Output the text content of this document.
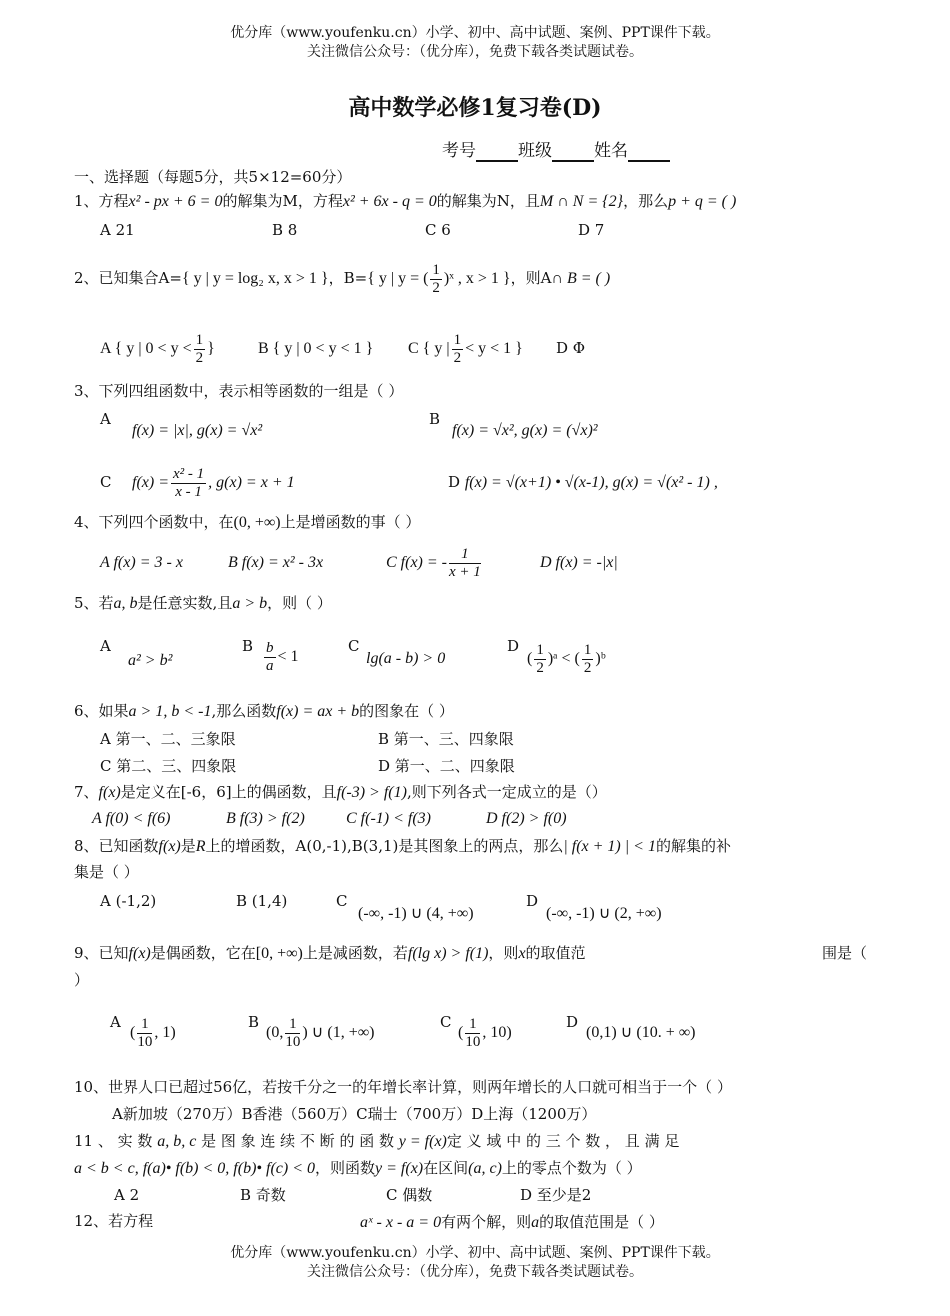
优分库（www.youfenku.cn）小学、初中、高中试题、案例、PPT课件下载。
关注微信公众号：（优分库），免费下载各类试题试卷。
高中数学必修1复习卷(D)
考号 班级 姓名
一、选择题（每题5分，共5×12=60分）
1、方程x² - px + 6 = 0的解集为M，方程x² + 6x - q = 0的解集为N，且M ∩ N = {2}，那么p + q = ( )
A 21	B 8	C 6	D 7
2、已知集合A={ y | y = log₂ x, x > 1 }，B={ y | y = ( $\frac{1}{2}$ )ˣ , x > 1 }，则A∩ B = ( )
A { y | $0 < y < \frac{1}{2}$ }	B { y | 0 < y < 1 } C { y | $\frac{1}{2} < y < 1$ } D Φ
3、下列四组函数中，表示相等函数的一组是（ ）
A
f(x) = |x|, g(x) = √x²
B
f(x) = √x², g(x) = (√x)²
C $f(x) = \frac{\text{x² - 1}}{x - 1}$ , g(x) = x + 1	D f(x) = √(x+1) • √(x-1), g(x) = √(x² - 1) ,
4、下列四个函数中，在(0, +∞)上是增函数的事（ ）
A f(x) = 3 - x	B f(x) = x² - 3x	C f(x) = - $\frac{1}{x + 1}$	D f(x) = -|x|
5、若a, b是任意实数,且a > b，则（ ）
A
a² > b²
B $\frac{b}{a} < 1$
C
lg(a - b) > 0
D
( $\frac{1}{2}$ )ᵃ < ( $\frac{1}{2}$ )ᵇ
6、如果a > 1, b < -1,那么函数f(x) = ax + b的图象在（ ）
A 第一、二、三象限	B 第一、三、四象限
C 第二、三、四象限	D 第一、二、四象限
7、f(x)是定义在[-6，6]上的偶函数，且f(-3) > f(1),则下列各式一定成立的是（）
A f(0) < f(6)	B f(3) > f(2)	C f(-1) < f(3)	D f(2) > f(0)
8、已知函数f(x)是R上的增函数，A(0,-1),B(3,1)是其图象上的两点，那么| f(x + 1) | < 1的解集的补
集是（ ）
A (-1,2)	B (1,4)	C
(-∞, -1) ∪ (4, +∞)
D
(-∞, -1) ∪ (2, +∞)
9、已知f(x)是偶函数，它在[0, +∞)上是减函数，若f(lg x) > f(1)，则x的取值范	围是（
）
A
( $\frac{1}{10}$ , 1)
B
(0, $\frac{1}{10}$ ) ∪ (1, +∞)
C
( $\frac{1}{10}$ , 10)
D
(0,1) ∪ (10. + ∞)
10、世界人口已超过56亿，若按千分之一的年增长率计算，则两年增长的人口就可相当于一个（ ）
A新加坡（270万）B香港（560万）C瑞士（700万）D上海（1200万）
11 、 实 数 a, b, c 是 图 象 连 续 不 断 的 函 数 y = f(x)定 义 域 中 的 三 个 数 ， 且 满 足
a < b < c, f(a)• f(b) < 0, f(b)• f(c) < 0，则函数y = f(x)在区间(a, c)上的零点个数为（ ）
A 2	B 奇数	C 偶数	D 至少是2
12、若方程	aˣ - x - a = 0有两个解，则a的取值范围是（ ）
优分库（www.youfenku.cn）小学、初中、高中试题、案例、PPT课件下载。
关注微信公众号：（优分库），免费下载各类试题试卷。
